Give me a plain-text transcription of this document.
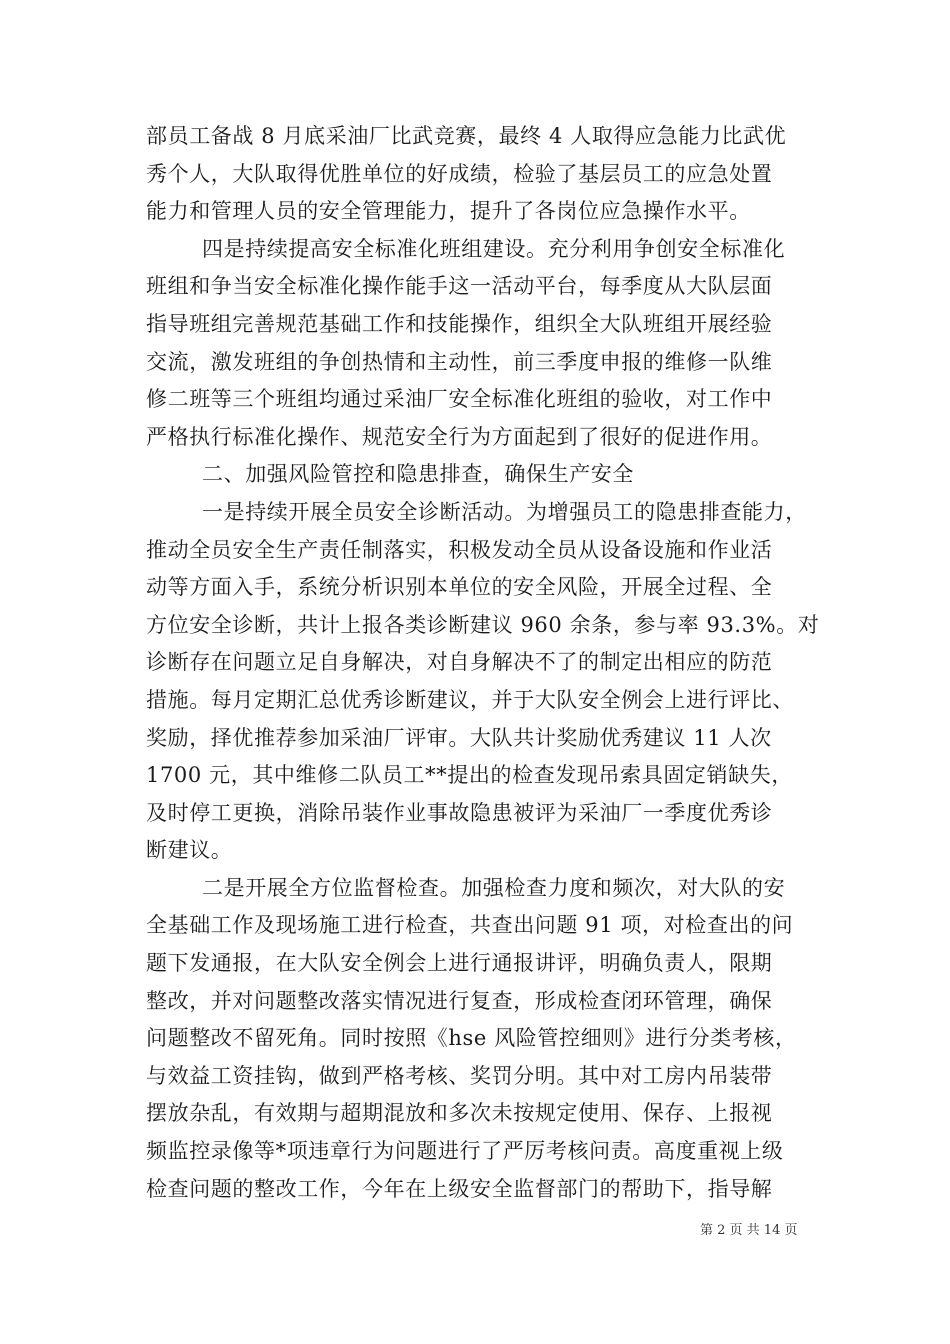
部员工备战 8 月底采油厂比武竞赛，最终 4 人取得应急能力比武优
秀个人，大队取得优胜单位的好成绩，检验了基层员工的应急处置
能力和管理人员的安全管理能力，提升了各岗位应急操作水平。
四是持续提高安全标准化班组建设。充分利用争创安全标准化
班组和争当安全标准化操作能手这一活动平台，每季度从大队层面
指导班组完善规范基础工作和技能操作，组织全大队班组开展经验
交流，激发班组的争创热情和主动性，前三季度申报的维修一队维
修二班等三个班组均通过采油厂安全标准化班组的验收，对工作中
严格执行标准化操作、规范安全行为方面起到了很好的促进作用。
二、加强风险管控和隐患排查，确保生产安全
一是持续开展全员安全诊断活动。为增强员工的隐患排查能力，
推动全员安全生产责任制落实，积极发动全员从设备设施和作业活
动等方面入手，系统分析识别本单位的安全风险，开展全过程、全
方位安全诊断，共计上报各类诊断建议 960 余条，参与率 93.3%。对
诊断存在问题立足自身解决，对自身解决不了的制定出相应的防范
措施。每月定期汇总优秀诊断建议，并于大队安全例会上进行评比、
奖励，择优推荐参加采油厂评审。大队共计奖励优秀建议 11 人次
1700 元，其中维修二队员工**提出的检查发现吊索具固定销缺失，
及时停工更换，消除吊装作业事故隐患被评为采油厂一季度优秀诊
断建议。
二是开展全方位监督检查。加强检查力度和频次，对大队的安
全基础工作及现场施工进行检查，共查出问题 91 项，对检查出的问
题下发通报，在大队安全例会上进行通报讲评，明确负责人，限期
整改，并对问题整改落实情况进行复查，形成检查闭环管理，确保
问题整改不留死角。同时按照《hse 风险管控细则》进行分类考核，
与效益工资挂钩，做到严格考核、奖罚分明。其中对工房内吊装带
摆放杂乱，有效期与超期混放和多次未按规定使用、保存、上报视
频监控录像等*项违章行为问题进行了严厉考核问责。高度重视上级
检查问题的整改工作，今年在上级安全监督部门的帮助下，指导解
第 2 页 共 14 页
